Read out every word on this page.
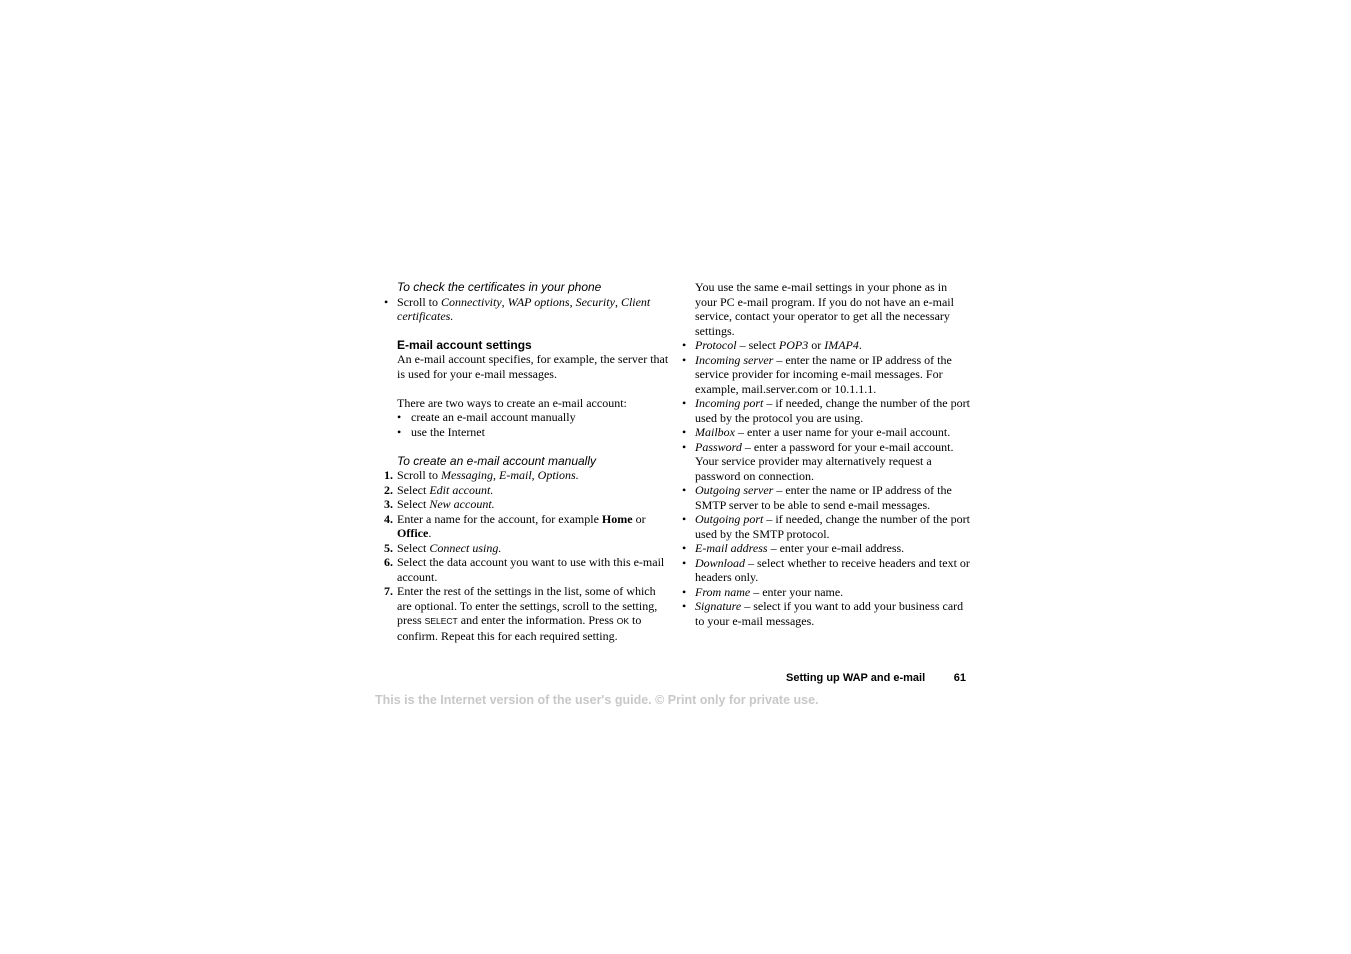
To check the certificates in your phone
• Scroll to Connectivity, WAP options, Security, Client certificates.
E-mail account settings
An e-mail account specifies, for example, the server that is used for your e-mail messages.
There are two ways to create an e-mail account:
• create an e-mail account manually
• use the Internet
To create an e-mail account manually
1. Scroll to Messaging, E-mail, Options.
2. Select Edit account.
3. Select New account.
4. Enter a name for the account, for example Home or Office.
5. Select Connect using.
6. Select the data account you want to use with this e-mail account.
7. Enter the rest of the settings in the list, some of which are optional. To enter the settings, scroll to the setting, press SELECT and enter the information. Press OK to confirm. Repeat this for each required setting.
You use the same e-mail settings in your phone as in your PC e-mail program. If you do not have an e-mail service, contact your operator to get all the necessary settings.
• Protocol – select POP3 or IMAP4.
• Incoming server – enter the name or IP address of the service provider for incoming e-mail messages. For example, mail.server.com or 10.1.1.1.
• Incoming port – if needed, change the number of the port used by the protocol you are using.
• Mailbox – enter a user name for your e-mail account.
• Password – enter a password for your e-mail account. Your service provider may alternatively request a password on connection.
• Outgoing server – enter the name or IP address of the SMTP server to be able to send e-mail messages.
• Outgoing port – if needed, change the number of the port used by the SMTP protocol.
• E-mail address – enter your e-mail address.
• Download – select whether to receive headers and text or headers only.
• From name – enter your name.
• Signature – select if you want to add your business card to your e-mail messages.
Setting up WAP and e-mail	61
This is the Internet version of the user's guide. © Print only for private use.
